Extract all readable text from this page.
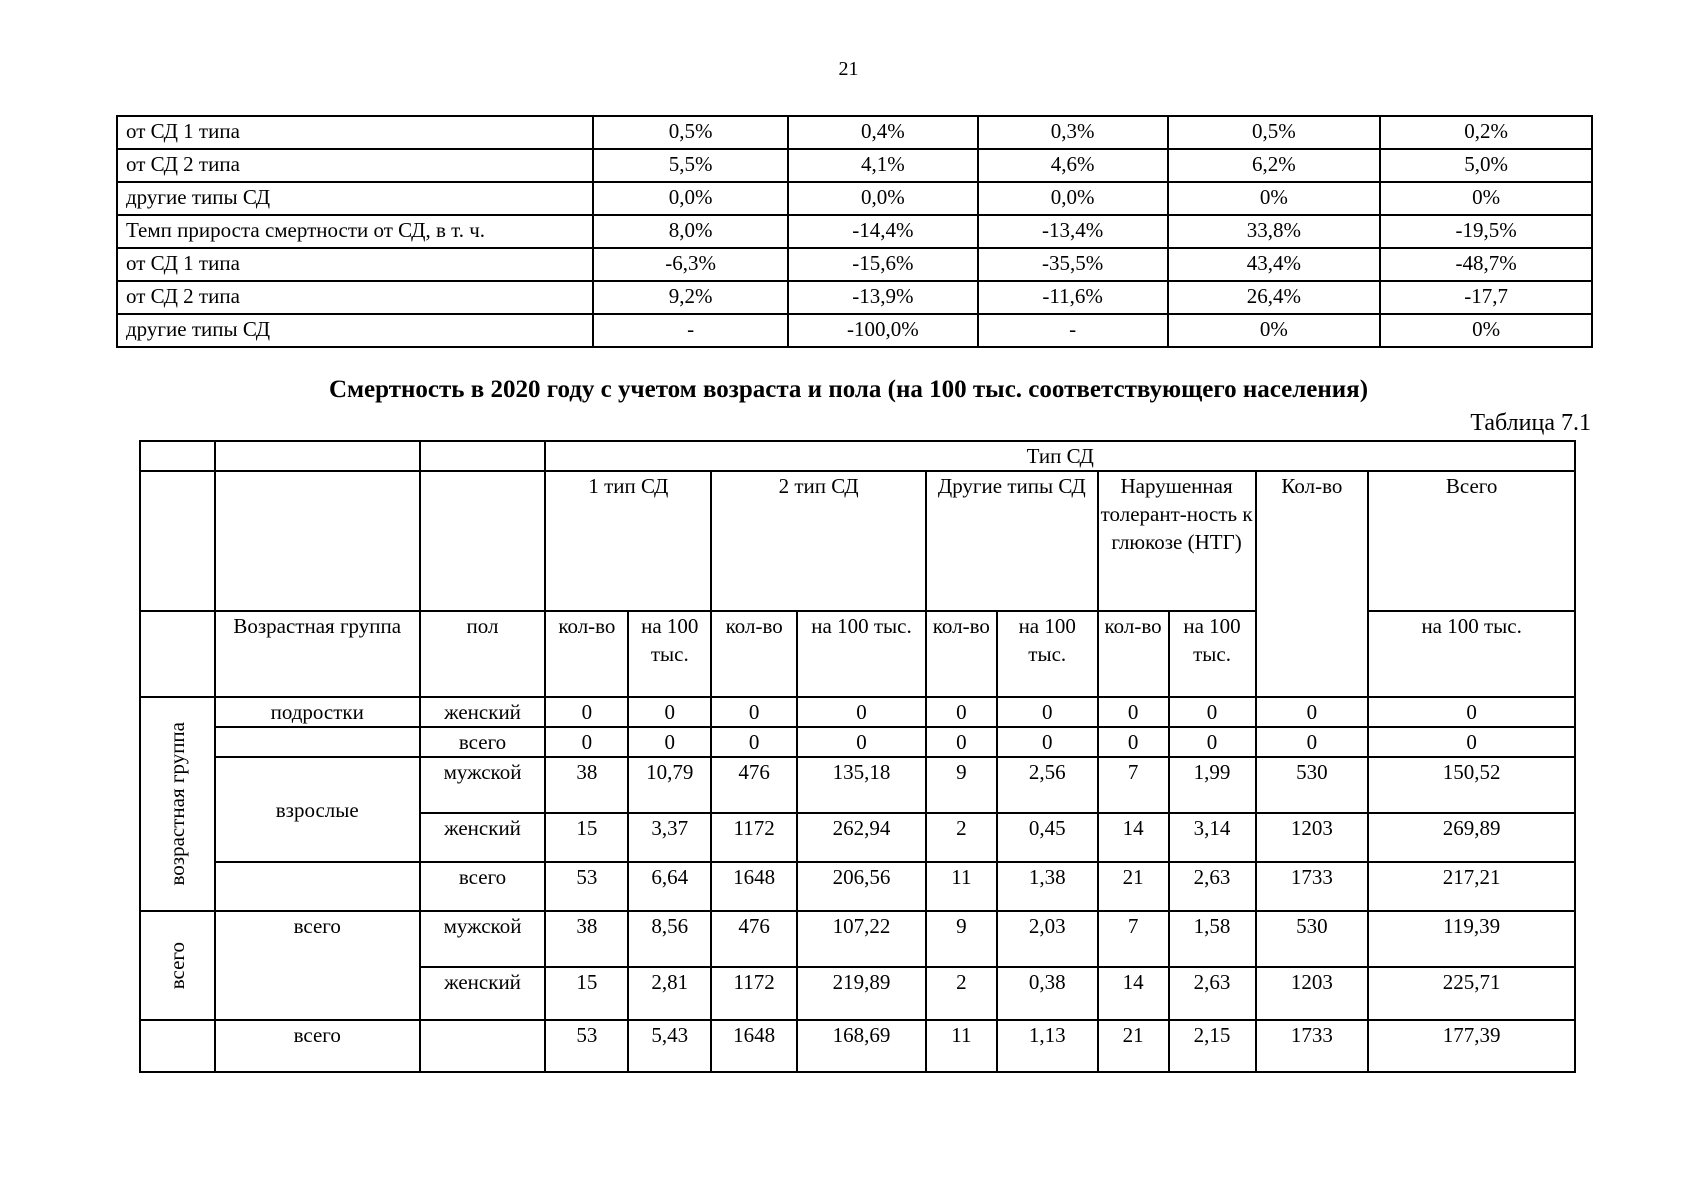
21
от СД 1 типа	0,5%	0,4%	0,3%	0,5%	0,2%
от СД 2 типа	5,5%	4,1%	4,6%	6,2%	5,0%
другие типы СД	0,0%	0,0%	0,0%	0%	0%
Темп прироста смертности от СД, в т. ч.	8,0%	-14,4%	-13,4%	33,8%	-19,5%
от СД 1 типа	-6,3%	-15,6%	-35,5%	43,4%	-48,7%
от СД 2 типа	9,2%	-13,9%	-11,6%	26,4%	-17,7
другие типы СД	-	-100,0%	-	0%	0%
Смертность в 2020 году с учетом возраста и пола (на 100 тыс. соответствующего населения)
Таблица 7.1
			Тип СД									
			1 тип СД		2 тип СД		Другие типы СД		Нарушенная толерант-ность к глюкозе (НТГ)		Кол-во	Всего
	Возрастная группа	пол	кол-во	на 100 тыс.	кол-во	на 100 тыс.	кол-во	на 100 тыс.	кол-во	на 100 тыс.		на 100 тыс.
возрастная группа	подростки	женский	0	0	0	0	0	0	0	0	0	0
		всего	0	0	0	0	0	0	0	0	0	0
	взрослые	мужской	38	10,79	476	135,18	9	2,56	7	1,99	530	150,52
		женский	15	3,37	1172	262,94	2	0,45	14	3,14	1203	269,89
		всего	53	6,64	1648	206,56	11	1,38	21	2,63	1733	217,21
всего	всего	мужской	38	8,56	476	107,22	9	2,03	7	1,58	530	119,39
		женский	15	2,81	1172	219,89	2	0,38	14	2,63	1203	225,71
	всего		53	5,43	1648	168,69	11	1,13	21	2,15	1733	177,39
